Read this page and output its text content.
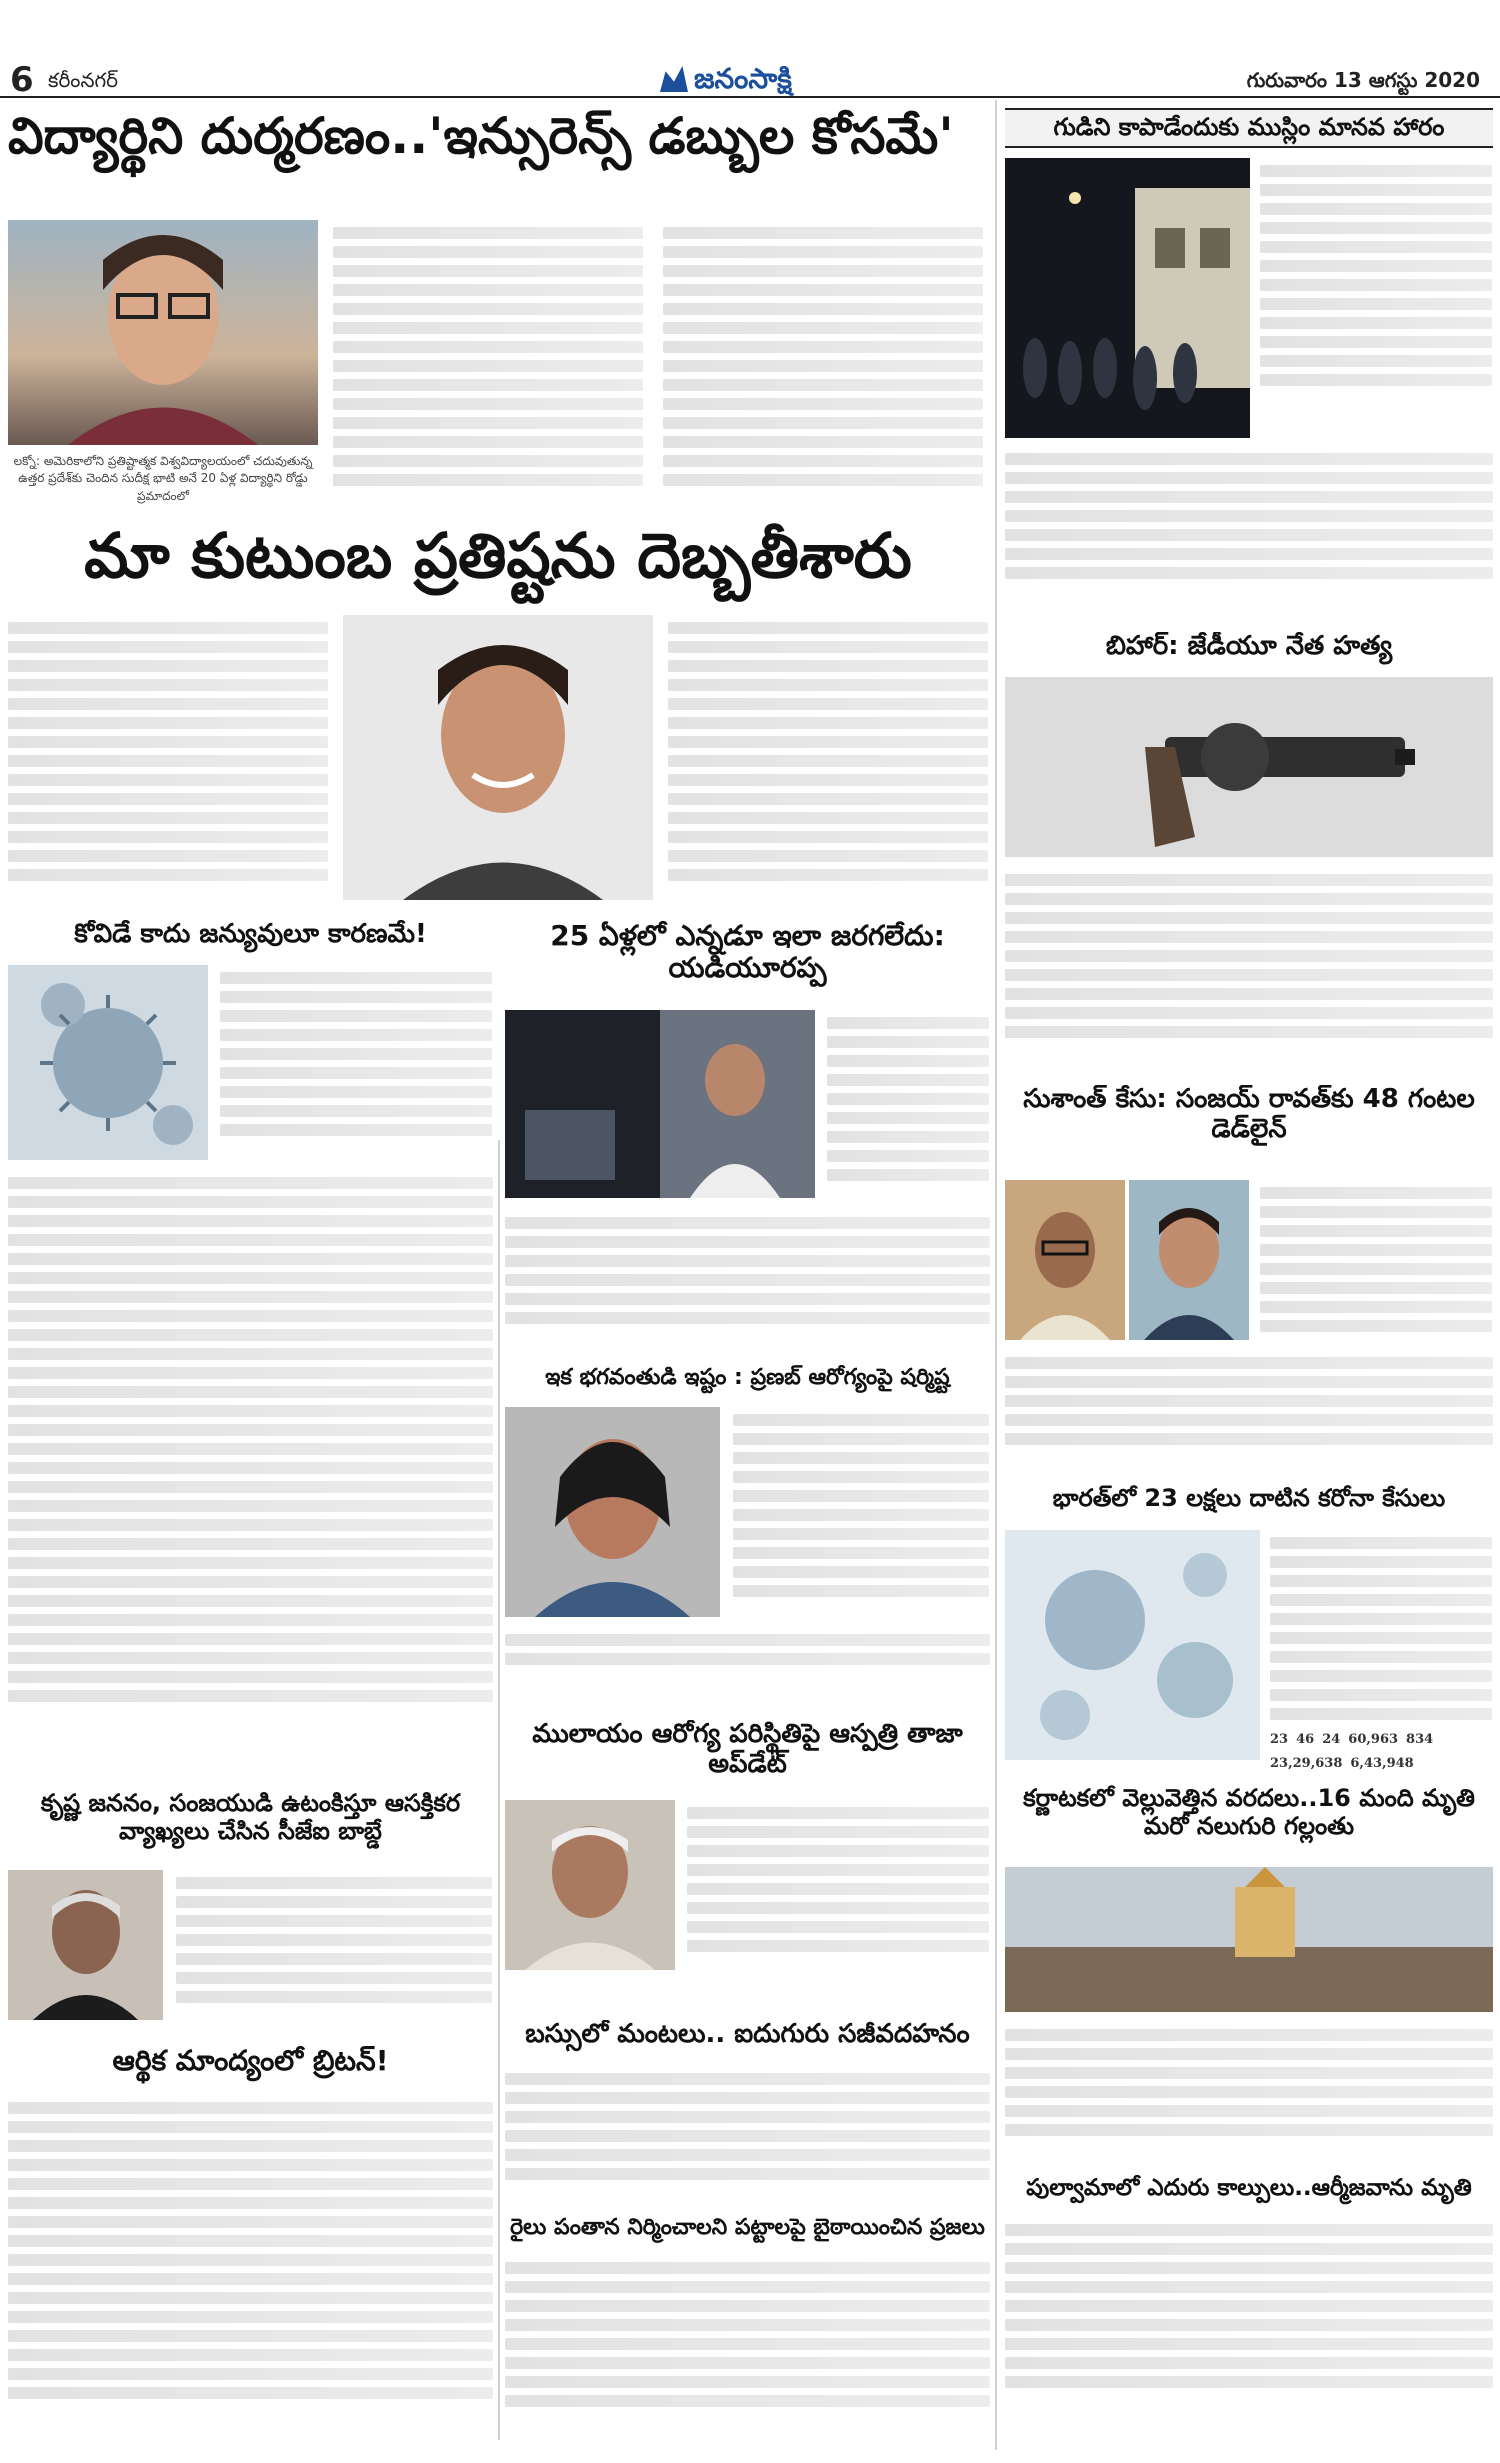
6 కరీంనగర్	జనంసాక్షి	గురువారం 13 ఆగస్టు 2020
విద్యార్థిని దుర్మరణం..'ఇన్సురెన్స్ డబ్బుల కోసమే'
లక్నో: అమెరికాలోని ప్రతిష్టాత్మక విశ్వవిద్యాలయంలో చదువుతున్న ఉత్తర ప్రదేశ్‌కు చెందిన సుదీక్ష భాటి అనే 20 ఏళ్ల విద్యార్థిని రోడ్డు ప్రమాదంలో
మా కుటుంబ ప్రతిష్టను దెబ్బతీశారు
కోవిడే కాదు జన్యువులూ కారణమే!
కృష్ణ జననం, సంజయుడి ఉటంకిస్తూ ఆసక్తికర వ్యాఖ్యలు చేసిన సీజేఐ బాబ్డే
ఆర్థిక మాంద్యంలో బ్రిటన్!
25 ఏళ్లలో ఎన్నడూ ఇలా జరగలేదు: యడియూరప్ప
ఇక భగవంతుడి ఇష్టం : ప్రణబ్ ఆరోగ్యంపై షర్మిష్ట
ములాయం ఆరోగ్య పరిస్థితిపై ఆస్పత్రి తాజా అప్‌డేట్
బస్సులో మంటలు.. ఐదుగురు సజీవదహనం
రైలు పంతాన నిర్మించాలని పట్టాలపై బైఠాయించిన ప్రజలు
గుడిని కాపాడేందుకు ముస్లిం మానవ హారం
బిహార్: జేడీయూ నేత హత్య
సుశాంత్ కేసు: సంజయ్ రావత్‌కు 48 గంటల డెడ్‌లైన్
భారత్‌లో 23 లక్షలు దాటిన కరోనా కేసులు
23 46 24 60,963 83423,29,638 6,43,948
కర్ణాటకలో వెల్లువెత్తిన వరదలు..16 మంది మృతి మరో నలుగురి గల్లంతు
పుల్వామాలో ఎదురు కాల్పులు..ఆర్మీజవాను మృతి
